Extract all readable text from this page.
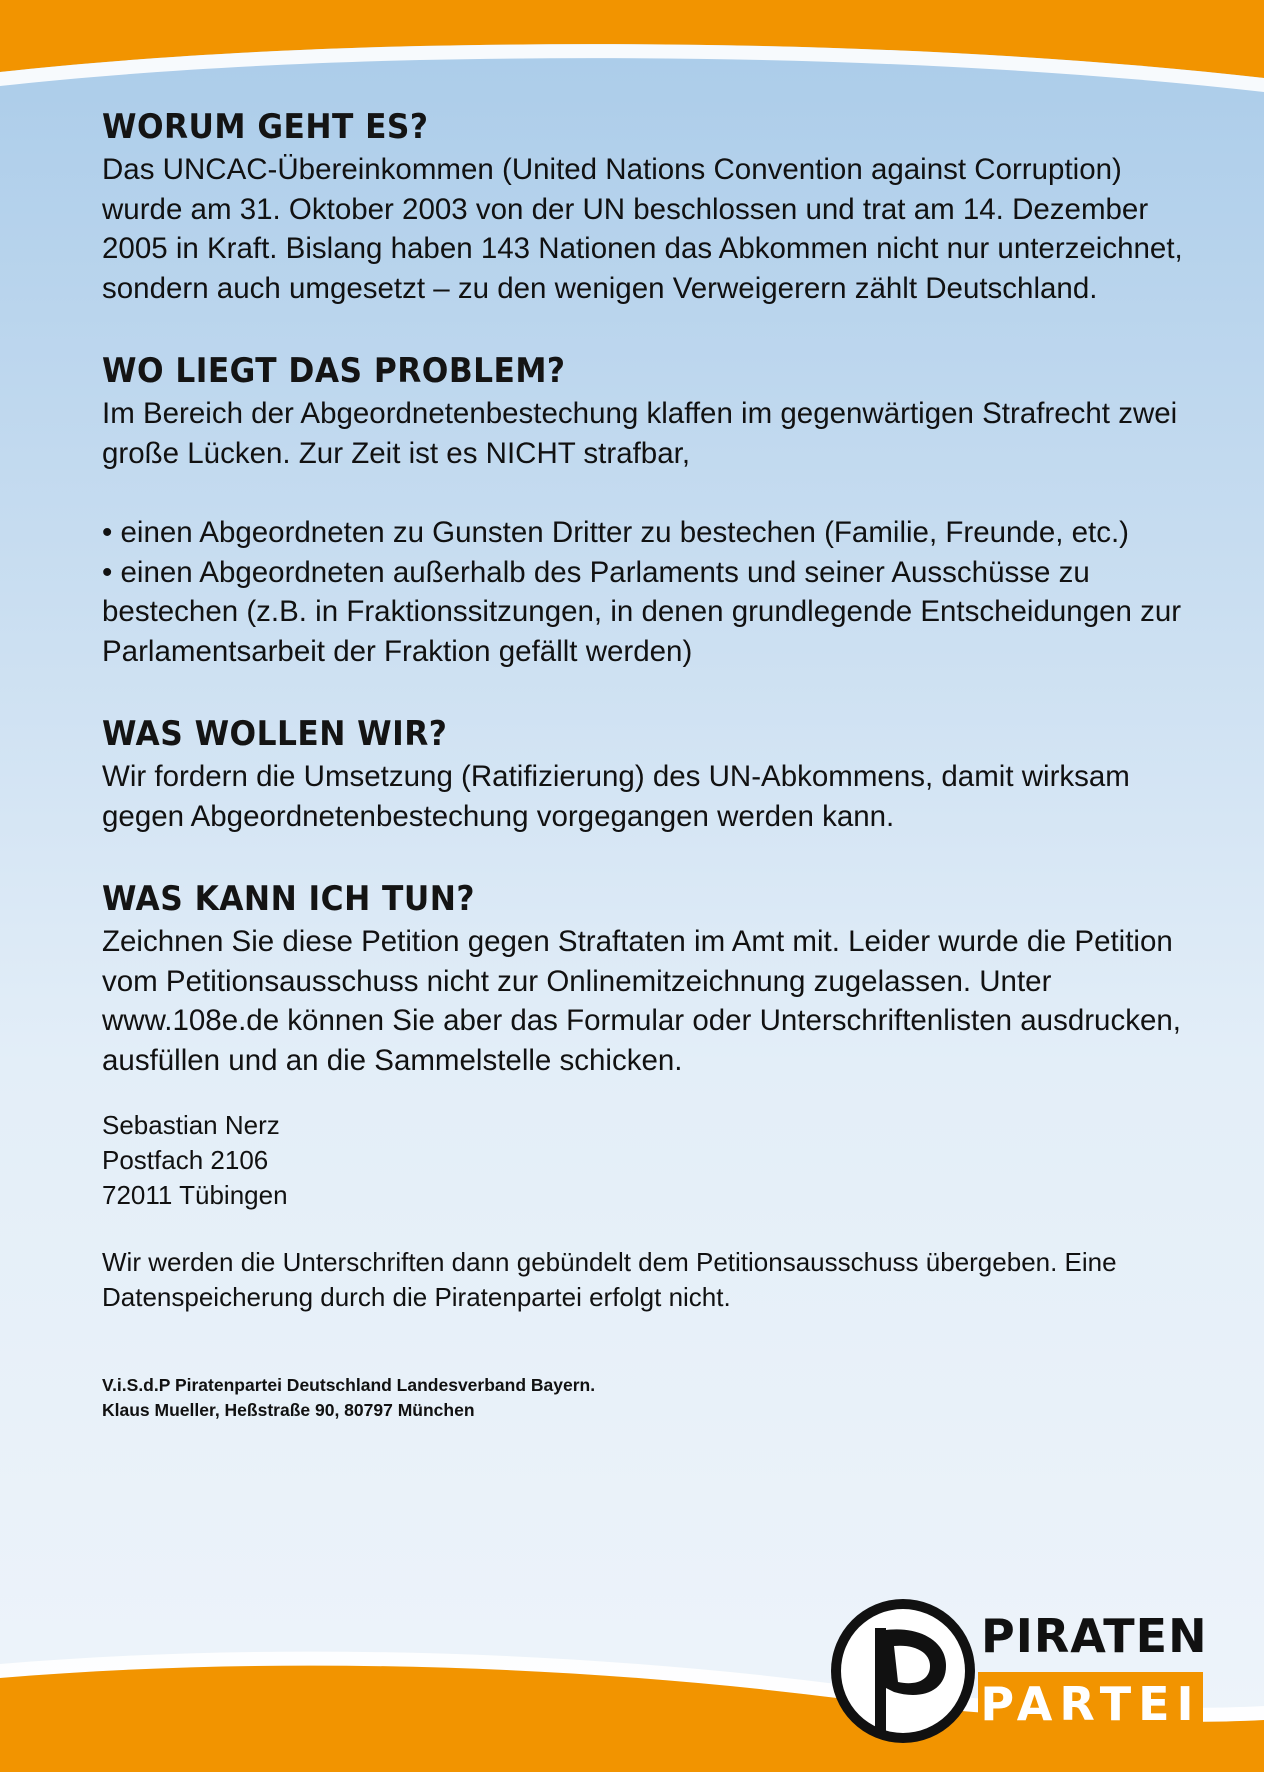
WORUM GEHT ES?

Das UNCAC-Übereinkommen (United Nations Convention against Corruption) wurde am 31. Oktober 2003 von der UN beschlossen und trat am 14. Dezember 2005 in Kraft. Bislang haben 143 Nationen das Abkommen nicht nur unterzeichnet, sondern auch umgesetzt – zu den wenigen Verweigerern zählt Deutschland.

WO LIEGT DAS PROBLEM?

Im Bereich der Abgeordnetenbestechung klaffen im gegenwärtigen Strafrecht zwei große Lücken. Zur Zeit ist es NICHT strafbar,

• einen Abgeordneten zu Gunsten Dritter zu bestechen (Familie, Freunde, etc.)

• einen Abgeordneten außerhalb des Parlaments und seiner Ausschüsse zu bestechen (z.B. in Fraktionssitzungen, in denen grundlegende Entscheidungen zur Parlamentsarbeit der Fraktion gefällt werden)

WAS WOLLEN WIR?

Wir fordern die Umsetzung (Ratifizierung) des UN-Abkommens, damit wirksam gegen Abgeordnetenbestechung vorgegangen werden kann.

WAS KANN ICH TUN?

Zeichnen Sie diese Petition gegen Straftaten im Amt mit. Leider wurde die Petition vom Petitionsausschuss nicht zur Onlinemitzeichnung zugelassen. Unter www.108e.de können Sie aber das Formular oder Unterschriftenlisten ausdrucken, ausfüllen und an die Sammelstelle schicken.

Sebastian Nerz

Postfach 2106

72011 Tübingen

Wir werden die Unterschriften dann gebündelt dem Petitionsausschuss übergeben. Eine Datenspeicherung durch die Piratenpartei erfolgt nicht.

V.i.S.d.P Piratenpartei Deutschland Landesverband Bayern.

Klaus Mueller, Heßstraße 90, 80797 München

PIRATEN
PARTEI
